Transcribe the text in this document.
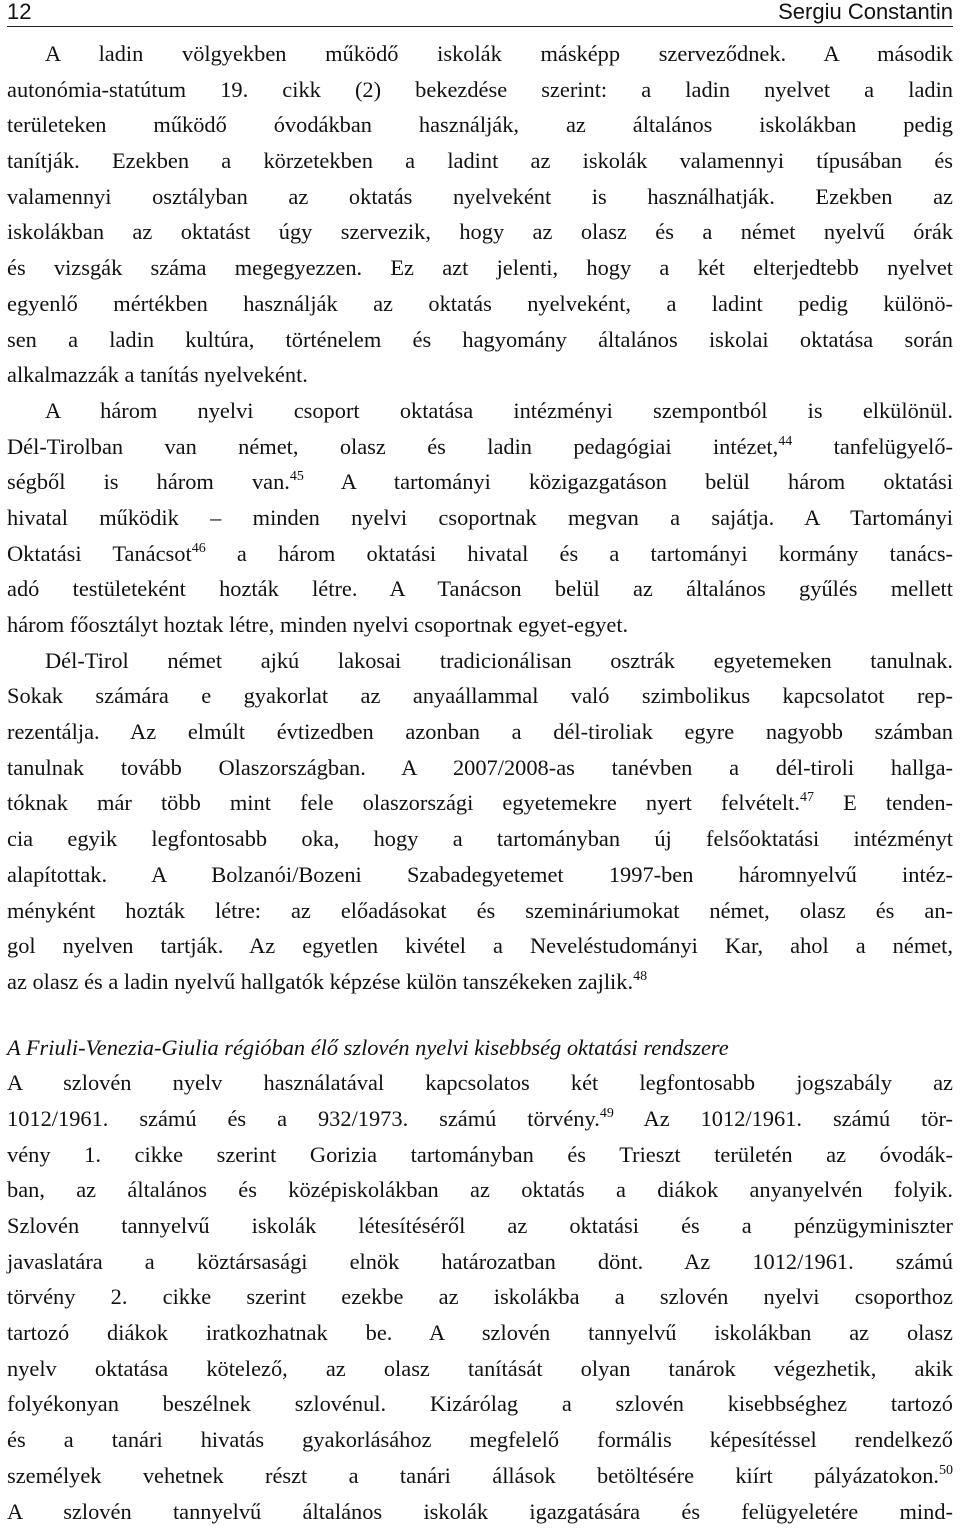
12	Sergiu Constantin
A ladin völgyekben működő iskolák másképp szerveződnek. A második
autonómia-statútum 19. cikk (2) bekezdése szerint: a ladin nyelvet a ladin
területeken működő óvodákban használják, az általános iskolákban pedig
tanítják. Ezekben a körzetekben a ladint az iskolák valamennyi típusában és
valamennyi osztályban az oktatás nyelveként is használhatják. Ezekben az
iskolákban az oktatást úgy szervezik, hogy az olasz és a német nyelvű órák
és vizsgák száma megegyezzen. Ez azt jelenti, hogy a két elterjedtebb nyelvet
egyenlő mértékben használják az oktatás nyelveként, a ladint pedig különö-
sen a ladin kultúra, történelem és hagyomány általános iskolai oktatása során
alkalmazzák a tanítás nyelveként.
A három nyelvi csoport oktatása intézményi szempontból is elkülönül.
Dél-Tirolban van német, olasz és ladin pedagógiai intézet,$^{44}$ tanfelügyelő-
ségből is három van.$^{45}$ A tartományi közigazgatáson belül három oktatási
hivatal működik – minden nyelvi csoportnak megvan a sajátja. A Tartományi
Oktatási Tanácsot$^{46}$ a három oktatási hivatal és a tartományi kormány tanács-
adó testületeként hozták létre. A Tanácson belül az általános gyűlés mellett
három főosztályt hoztak létre, minden nyelvi csoportnak egyet-egyet.
Dél-Tirol német ajkú lakosai tradicionálisan osztrák egyetemeken tanulnak.
Sokak számára e gyakorlat az anyaállammal való szimbolikus kapcsolatot rep-
rezentálja. Az elmúlt évtizedben azonban a dél-tiroliak egyre nagyobb számban
tanulnak tovább Olaszországban. A 2007/2008-as tanévben a dél-tiroli hallga-
tóknak már több mint fele olaszországi egyetemekre nyert felvételt.$^{47}$ E tenden-
cia egyik legfontosabb oka, hogy a tartományban új felsőoktatási intézményt
alapítottak. A Bolzanói/Bozeni Szabadegyetemet 1997-ben háromnyelvű intéz-
ményként hozták létre: az előadásokat és szemináriumokat német, olasz és an-
gol nyelven tartják. Az egyetlen kivétel a Neveléstudományi Kar, ahol a német,
az olasz és a ladin nyelvű hallgatók képzése külön tanszékeken zajlik.$^{48}$
A Friuli-Venezia-Giulia régióban élő szlovén nyelvi kisebbség oktatási rendszere
A szlovén nyelv használatával kapcsolatos két legfontosabb jogszabály az
1012/1961. számú és a 932/1973. számú törvény.$^{49}$ Az 1012/1961. számú tör-
vény 1. cikke szerint Gorizia tartományban és Trieszt területén az óvodák-
ban, az általános és középiskolákban az oktatás a diákok anyanyelvén folyik.
Szlovén tannyelvű iskolák létesítéséről az oktatási és a pénzügyminiszter
javaslatára a köztársasági elnök határozatban dönt. Az 1012/1961. számú
törvény 2. cikke szerint ezekbe az iskolákba a szlovén nyelvi csoporthoz
tartozó diákok iratkozhatnak be. A szlovén tannyelvű iskolákban az olasz
nyelv oktatása kötelező, az olasz tanítását olyan tanárok végezhetik, akik
folyékonyan beszélnek szlovénul. Kizárólag a szlovén kisebbséghez tartozó
és a tanári hivatás gyakorlásához megfelelő formális képesítéssel rendelkező
személyek vehetnek részt a tanári állások betöltésére kiírt pályázatokon.$^{50}$
A szlovén tannyelvű általános iskolák igazgatására és felügyeletére mind-
